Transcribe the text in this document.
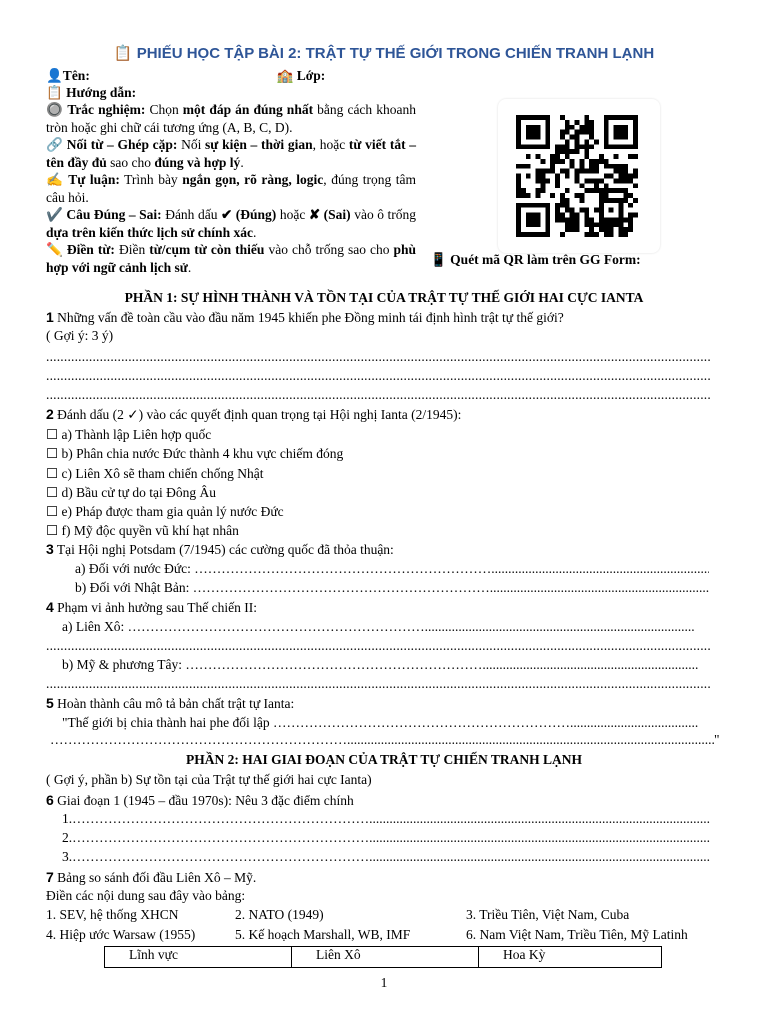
📋 PHIẾU HỌC TẬP BÀI 2: TRẬT TỰ THẾ GIỚI TRONG CHIẾN TRANH LẠNH
👤Tên:	🏫 Lớp:
📋 Hướng dẫn:
🔘 Trắc nghiệm: Chọn một đáp án đúng nhất bằng cách khoanh tròn hoặc ghi chữ cái tương ứng (A, B, C, D).
🔗 Nối từ – Ghép cặp: Nối sự kiện – thời gian, hoặc từ viết tắt – tên đầy đủ sao cho đúng và hợp lý.
✍️ Tự luận: Trình bày ngắn gọn, rõ ràng, logic, đúng trọng tâm câu hỏi.
✔️ Câu Đúng – Sai: Đánh dấu ✔ (Đúng) hoặc ✘ (Sai) vào ô trống dựa trên kiến thức lịch sử chính xác.
✏️ Điền từ: Điền từ/cụm từ còn thiếu vào chỗ trống sao cho phù hợp với ngữ cảnh lịch sử.	📱 Quét mã QR làm trên GG Form:
PHẦN 1: SỰ HÌNH THÀNH VÀ TỒN TẠI CỦA TRẬT TỰ THẾ GIỚI HAI CỰC IANTA
1 Những vấn đề toàn cầu vào đầu năm 1945 khiến phe Đồng minh tái định hình trật tự thế giới?
( Gợi ý: 3 ý)
.....
.....
.....
2 Đánh dấu (2 ✓) vào các quyết định quan trọng tại Hội nghị Ianta (2/1945):
☐ a) Thành lập Liên hợp quốc
☐ b) Phân chia nước Đức thành 4 khu vực chiếm đóng
☐ c) Liên Xô sẽ tham chiến chống Nhật
☐ d) Bầu cử tự do tại Đông Âu
☐ e) Pháp được tham gia quản lý nước Đức
☐ f) Mỹ độc quyền vũ khí hạt nhân
3 Tại Hội nghị Potsdam (7/1945) các cường quốc đã thỏa thuận:
a) Đối với nước Đức: ………………………………………………………….....................................................................................................................................................................................................................................................
b) Đối với Nhật Bản: ………………………………………………………….....................................................................................................................................................................................................................................................
4 Phạm vi ảnh hưởng sau Thế chiến II:
a) Liên Xô: ………………………………………………………….....................................................................................................................................................................................................................................................
.....
b) Mỹ & phương Tây: ………………………………………………………….....................................................................................................................................................................................................................................................
.....
5 Hoàn thành câu mô tả bản chất trật tự Ianta:
"Thế giới bị chia thành hai phe đối lập ………………………………………………………….....................................................................................................................................................................................................................................................
…………………………………………………………....................................................................................................................................................................................................................................................."
PHẦN 2: HAI GIAI ĐOẠN CỦA TRẬT TỰ CHIẾN TRANH LẠNH
( Gợi ý, phần b) Sự tồn tại của Trật tự thế giới hai cực Ianta)
6 Giai đoạn 1 (1945 – đầu 1970s): Nêu 3 đặc điểm chính
1.………………………………………………………….....................................................................................................................................................................................................................................................
2.………………………………………………………….....................................................................................................................................................................................................................................................
3.………………………………………………………….....................................................................................................................................................................................................................................................
7 Bảng so sánh đối đầu Liên Xô – Mỹ.
Điền các nội dung sau đây vào bảng:
1. SEV, hệ thống XHCN	2. NATO (1949)	3. Triều Tiên, Việt Nam, Cuba
4. Hiệp ước Warsaw (1955)	5. Kế hoạch Marshall, WB, IMF	6. Nam Việt Nam, Triều Tiên, Mỹ Latinh
Lĩnh vực	Liên Xô	Hoa Kỳ
1
